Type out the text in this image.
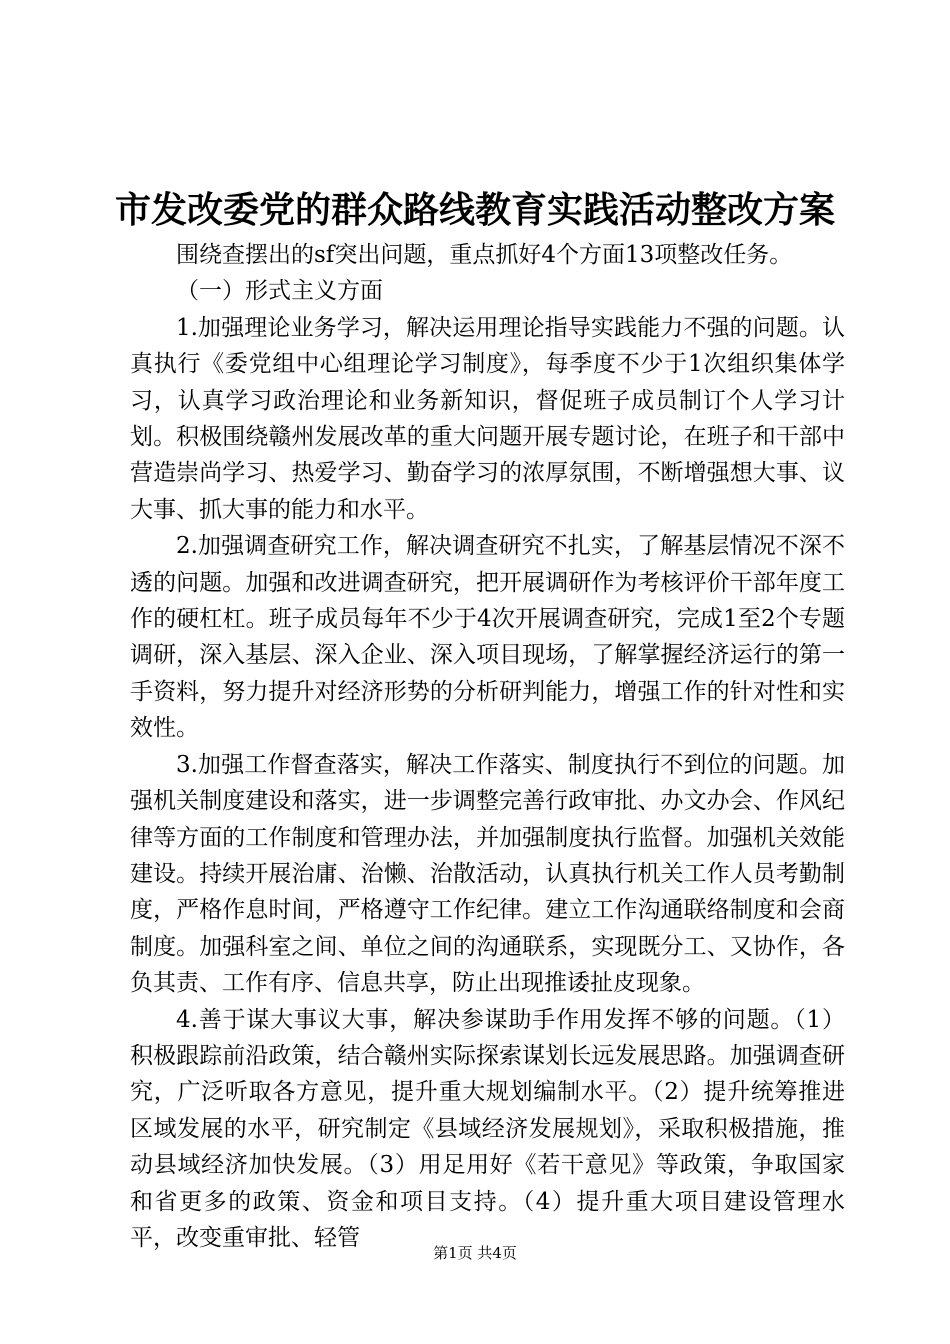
市发改委党的群众路线教育实践活动整改方案

围绕查摆出的sf突出问题，重点抓好4个方面13项整改任务。

（一）形式主义方面

1.加强理论业务学习，解决运用理论指导实践能力不强的问题。认真执行《委党组中心组理论学习制度》，每季度不少于1次组织集体学习，认真学习政治理论和业务新知识，督促班子成员制订个人学习计划。积极围绕赣州发展改革的重大问题开展专题讨论，在班子和干部中营造崇尚学习、热爱学习、勤奋学习的浓厚氛围，不断增强想大事、议大事、抓大事的能力和水平。

2.加强调查研究工作，解决调查研究不扎实，了解基层情况不深不透的问题。加强和改进调查研究，把开展调研作为考核评价干部年度工作的硬杠杠。班子成员每年不少于4次开展调查研究，完成1至2个专题调研，深入基层、深入企业、深入项目现场，了解掌握经济运行的第一手资料，努力提升对经济形势的分析研判能力，增强工作的针对性和实效性。

3.加强工作督查落实，解决工作落实、制度执行不到位的问题。加强机关制度建设和落实，进一步调整完善行政审批、办文办会、作风纪律等方面的工作制度和管理办法，并加强制度执行监督。加强机关效能建设。持续开展治庸、治懒、治散活动，认真执行机关工作人员考勤制度，严格作息时间，严格遵守工作纪律。建立工作沟通联络制度和会商制度。加强科室之间、单位之间的沟通联系，实现既分工、又协作，各负其责、工作有序、信息共享，防止出现推诿扯皮现象。

4.善于谋大事议大事，解决参谋助手作用发挥不够的问题。（1）积极跟踪前沿政策，结合赣州实际探索谋划长远发展思路。加强调查研究，广泛听取各方意见，提升重大规划编制水平。（2）提升统筹推进区域发展的水平，研究制定《县域经济发展规划》，采取积极措施，推动县域经济加快发展。（3）用足用好《若干意见》等政策，争取国家和省更多的政策、资金和项目支持。（4）提升重大项目建设管理水平，改变重审批、轻管

第1页 共4页
